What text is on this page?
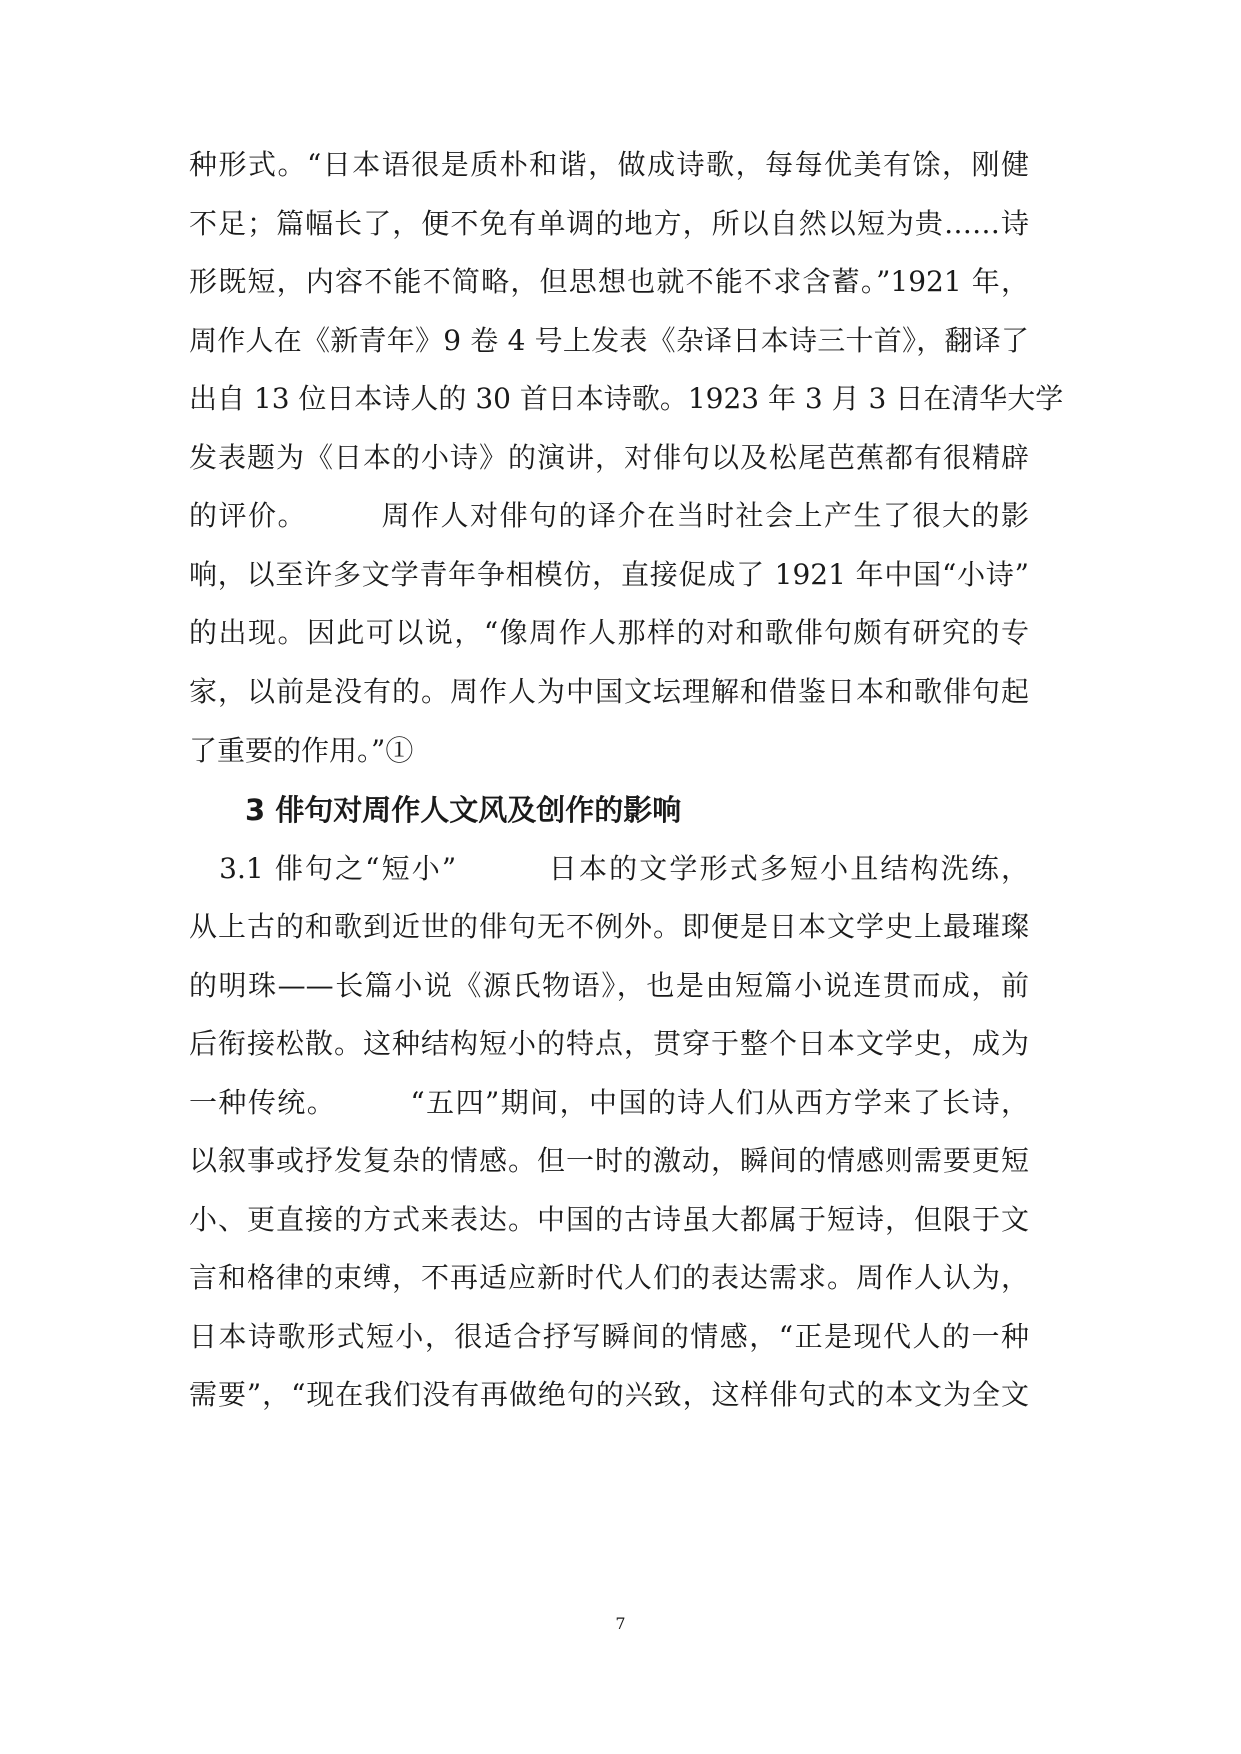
种形式。“日本语很是质朴和谐，做成诗歌，每每优美有馀，刚健
不足；篇幅长了，便不免有单调的地方，所以自然以短为贵……诗
形既短，内容不能不简略，但思想也就不能不求含蓄。”1921 年，
周作人在《新青年》9 卷 4 号上发表《杂译日本诗三十首》，翻译了
出自 13 位日本诗人的 30 首日本诗歌。1923 年 3 月 3 日在清华大学
发表题为《日本的小诗》的演讲，对俳句以及松尾芭蕉都有很精辟
的评价。　　　周作人对俳句的译介在当时社会上产生了很大的影
响，以至许多文学青年争相模仿，直接促成了 1921 年中国“小诗”
的出现。因此可以说，“像周作人那样的对和歌俳句颇有研究的专
家，以前是没有的。周作人为中国文坛理解和借鉴日本和歌俳句起
了重要的作用。”①
3 俳句对周作人文风及创作的影响
　3.1 俳句之“短小”　　　日本的文学形式多短小且结构洗练，
从上古的和歌到近世的俳句无不例外。即便是日本文学史上最璀璨
的明珠——长篇小说《源氏物语》，也是由短篇小说连贯而成，前
后衔接松散。这种结构短小的特点，贯穿于整个日本文学史，成为
一种传统。　　　“五四”期间，中国的诗人们从西方学来了长诗，
以叙事或抒发复杂的情感。但一时的激动，瞬间的情感则需要更短
小、更直接的方式来表达。中国的古诗虽大都属于短诗，但限于文
言和格律的束缚，不再适应新时代人们的表达需求。周作人认为，
日本诗歌形式短小，很适合抒写瞬间的情感，“正是现代人的一种
需要”，“现在我们没有再做绝句的兴致，这样俳句式的本文为全文
7
